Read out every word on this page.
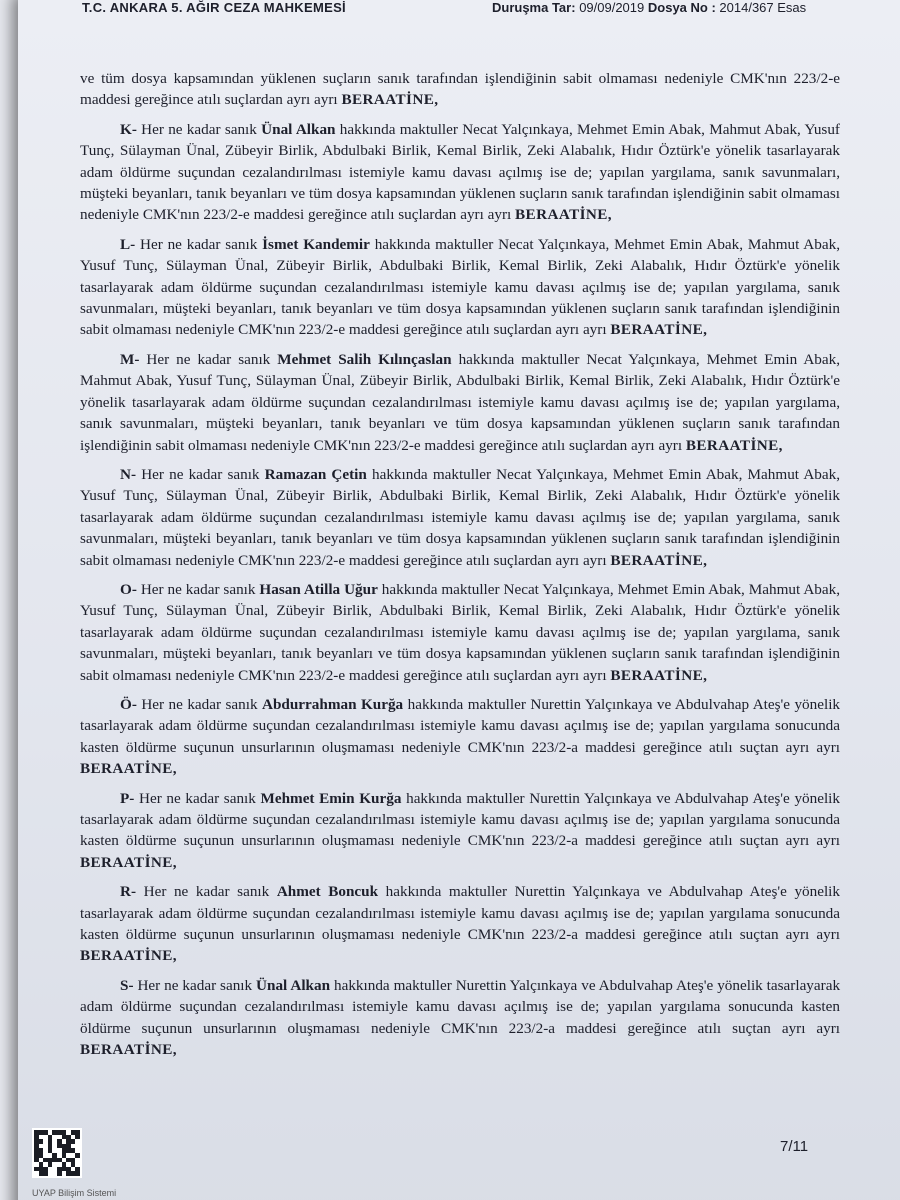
T.C. ANKARA 5. AĞIR CEZA MAHKEMESİ	Duruşma Tar: 09/09/2019 Dosya No : 2014/367 Esas

ve tüm dosya kapsamından yüklenen suçların sanık tarafından işlendiğinin sabit olmaması nedeniyle CMK'nın 223/2-e maddesi gereğince atılı suçlardan ayrı ayrı BERAATİNE,

K- Her ne kadar sanık Ünal Alkan hakkında maktuller Necat Yalçınkaya, Mehmet Emin Abak, Mahmut Abak, Yusuf Tunç, Sülayman Ünal, Zübeyir Birlik, Abdulbaki Birlik, Kemal Birlik, Zeki Alabalık, Hıdır Öztürk'e yönelik tasarlayarak adam öldürme suçundan cezalandırılması istemiyle kamu davası açılmış ise de; yapılan yargılama, sanık savunmaları, müşteki beyanları, tanık beyanları ve tüm dosya kapsamından yüklenen suçların sanık tarafından işlendiğinin sabit olmaması nedeniyle CMK'nın 223/2-e maddesi gereğince atılı suçlardan ayrı ayrı BERAATİNE,

L- Her ne kadar sanık İsmet Kandemir hakkında maktuller Necat Yalçınkaya, Mehmet Emin Abak, Mahmut Abak, Yusuf Tunç, Sülayman Ünal, Zübeyir Birlik, Abdulbaki Birlik, Kemal Birlik, Zeki Alabalık, Hıdır Öztürk'e yönelik tasarlayarak adam öldürme suçundan cezalandırılması istemiyle kamu davası açılmış ise de; yapılan yargılama, sanık savunmaları, müşteki beyanları, tanık beyanları ve tüm dosya kapsamından yüklenen suçların sanık tarafından işlendiğinin sabit olmaması nedeniyle CMK'nın 223/2-e maddesi gereğince atılı suçlardan ayrı ayrı BERAATİNE,

M- Her ne kadar sanık Mehmet Salih Kılınçaslan hakkında maktuller Necat Yalçınkaya, Mehmet Emin Abak, Mahmut Abak, Yusuf Tunç, Sülayman Ünal, Zübeyir Birlik, Abdulbaki Birlik, Kemal Birlik, Zeki Alabalık, Hıdır Öztürk'e yönelik tasarlayarak adam öldürme suçundan cezalandırılması istemiyle kamu davası açılmış ise de; yapılan yargılama, sanık savunmaları, müşteki beyanları, tanık beyanları ve tüm dosya kapsamından yüklenen suçların sanık tarafından işlendiğinin sabit olmaması nedeniyle CMK'nın 223/2-e maddesi gereğince atılı suçlardan ayrı ayrı BERAATİNE,

N- Her ne kadar sanık Ramazan Çetin hakkında maktuller Necat Yalçınkaya, Mehmet Emin Abak, Mahmut Abak, Yusuf Tunç, Sülayman Ünal, Zübeyir Birlik, Abdulbaki Birlik, Kemal Birlik, Zeki Alabalık, Hıdır Öztürk'e yönelik tasarlayarak adam öldürme suçundan cezalandırılması istemiyle kamu davası açılmış ise de; yapılan yargılama, sanık savunmaları, müşteki beyanları, tanık beyanları ve tüm dosya kapsamından yüklenen suçların sanık tarafından işlendiğinin sabit olmaması nedeniyle CMK'nın 223/2-e maddesi gereğince atılı suçlardan ayrı ayrı BERAATİNE,

O- Her ne kadar sanık Hasan Atilla Uğur hakkında maktuller Necat Yalçınkaya, Mehmet Emin Abak, Mahmut Abak, Yusuf Tunç, Sülayman Ünal, Zübeyir Birlik, Abdulbaki Birlik, Kemal Birlik, Zeki Alabalık, Hıdır Öztürk'e yönelik tasarlayarak adam öldürme suçundan cezalandırılması istemiyle kamu davası açılmış ise de; yapılan yargılama, sanık savunmaları, müşteki beyanları, tanık beyanları ve tüm dosya kapsamından yüklenen suçların sanık tarafından işlendiğinin sabit olmaması nedeniyle CMK'nın 223/2-e maddesi gereğince atılı suçlardan ayrı ayrı BERAATİNE,

Ö- Her ne kadar sanık Abdurrahman Kurğa hakkında maktuller Nurettin Yalçınkaya ve Abdulvahap Ateş'e yönelik tasarlayarak adam öldürme suçundan cezalandırılması istemiyle kamu davası açılmış ise de; yapılan yargılama sonucunda kasten öldürme suçunun unsurlarının oluşmaması nedeniyle CMK'nın 223/2-a maddesi gereğince atılı suçtan ayrı ayrı BERAATİNE,

P- Her ne kadar sanık Mehmet Emin Kurğa hakkında maktuller Nurettin Yalçınkaya ve Abdulvahap Ateş'e yönelik tasarlayarak adam öldürme suçundan cezalandırılması istemiyle kamu davası açılmış ise de; yapılan yargılama sonucunda kasten öldürme suçunun unsurlarının oluşmaması nedeniyle CMK'nın 223/2-a maddesi gereğince atılı suçtan ayrı ayrı BERAATİNE,

R- Her ne kadar sanık Ahmet Boncuk hakkında maktuller Nurettin Yalçınkaya ve Abdulvahap Ateş'e yönelik tasarlayarak adam öldürme suçundan cezalandırılması istemiyle kamu davası açılmış ise de; yapılan yargılama sonucunda kasten öldürme suçunun unsurlarının oluşmaması nedeniyle CMK'nın 223/2-a maddesi gereğince atılı suçtan ayrı ayrı BERAATİNE,

S- Her ne kadar sanık Ünal Alkan hakkında maktuller Nurettin Yalçınkaya ve Abdulvahap Ateş'e yönelik tasarlayarak adam öldürme suçundan cezalandırılması istemiyle kamu davası açılmış ise de; yapılan yargılama sonucunda kasten öldürme suçunun unsurlarının oluşmaması nedeniyle CMK'nın 223/2-a maddesi gereğince atılı suçtan ayrı ayrı BERAATİNE,

7/11
UYAP Bilişim Sistemi
